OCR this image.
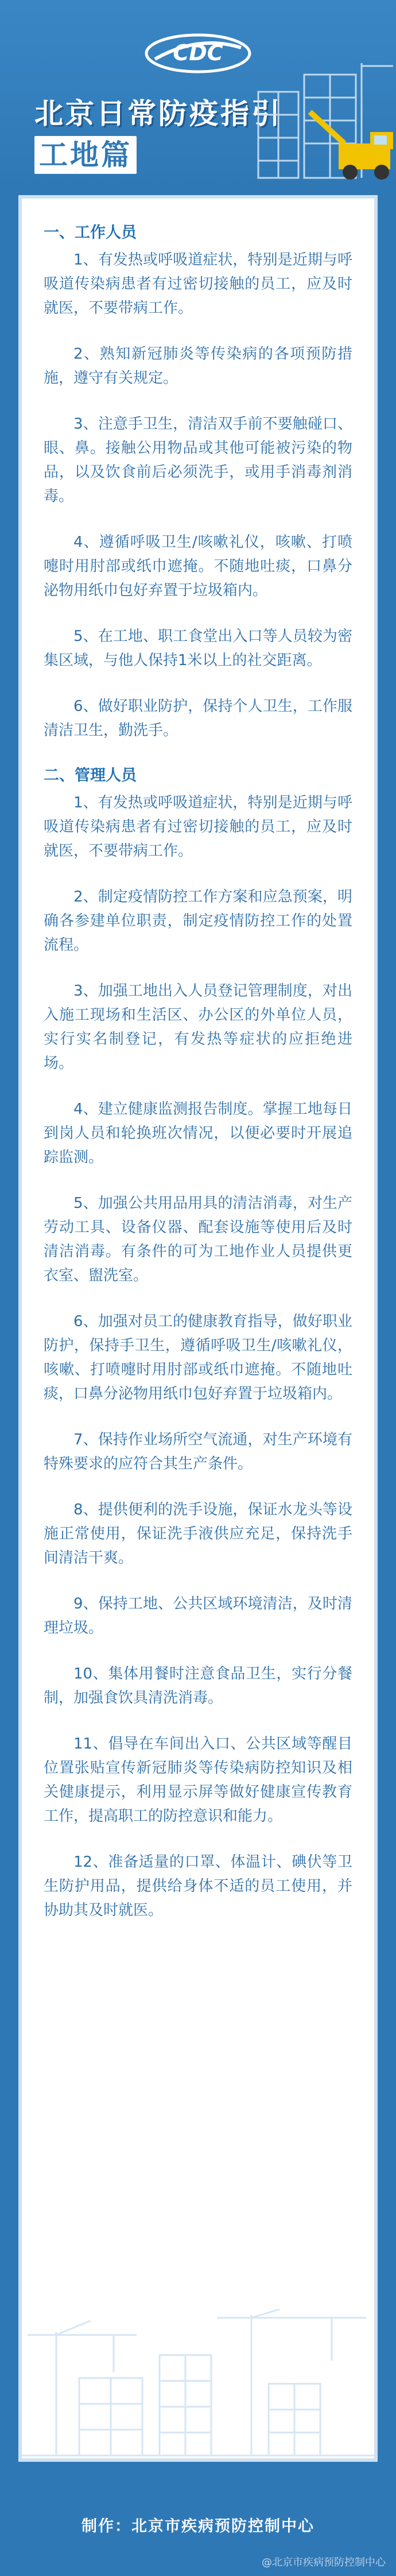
CDC
北京日常防疫指引
工地篇
一、工作人员

1、有发热或呼吸道症状，特别是近期与呼吸道传染病患者有过密切接触的员工，应及时就医，不要带病工作。

2、熟知新冠肺炎等传染病的各项预防措施，遵守有关规定。

3、注意手卫生，清洁双手前不要触碰口、眼、鼻。接触公用物品或其他可能被污染的物品，以及饮食前后必须洗手，或用手消毒剂消毒。

4、遵循呼吸卫生/咳嗽礼仪，咳嗽、打喷嚏时用肘部或纸巾遮掩。不随地吐痰，口鼻分泌物用纸巾包好弃置于垃圾箱内。

5、在工地、职工食堂出入口等人员较为密集区域，与他人保持1米以上的社交距离。

6、做好职业防护，保持个人卫生，工作服清洁卫生，勤洗手。

二、管理人员

1、有发热或呼吸道症状，特别是近期与呼吸道传染病患者有过密切接触的员工，应及时就医，不要带病工作。

2、制定疫情防控工作方案和应急预案，明确各参建单位职责，制定疫情防控工作的处置流程。

3、加强工地出入人员登记管理制度，对出入施工现场和生活区、办公区的外单位人员，实行实名制登记，有发热等症状的应拒绝进场。

4、建立健康监测报告制度。掌握工地每日到岗人员和轮换班次情况，以便必要时开展追踪监测。

5、加强公共用品用具的清洁消毒，对生产劳动工具、设备仪器、配套设施等使用后及时清洁消毒。有条件的可为工地作业人员提供更衣室、盥洗室。

6、加强对员工的健康教育指导，做好职业防护，保持手卫生，遵循呼吸卫生/咳嗽礼仪，咳嗽、打喷嚏时用肘部或纸巾遮掩。不随地吐痰，口鼻分泌物用纸巾包好弃置于垃圾箱内。

7、保持作业场所空气流通，对生产环境有特殊要求的应符合其生产条件。

8、提供便利的洗手设施，保证水龙头等设施正常使用，保证洗手液供应充足，保持洗手间清洁干爽。

9、保持工地、公共区域环境清洁，及时清理垃圾。

10、集体用餐时注意食品卫生，实行分餐制，加强食饮具清洗消毒。

11、倡导在车间出入口、公共区域等醒目位置张贴宣传新冠肺炎等传染病防控知识及相关健康提示，利用显示屏等做好健康宣传教育工作，提高职工的防控意识和能力。

12、准备适量的口罩、体温计、碘伏等卫生防护用品，提供给身体不适的员工使用，并协助其及时就医。

制作：北京市疾病预防控制中心
@北京市疾病预防控制中心
